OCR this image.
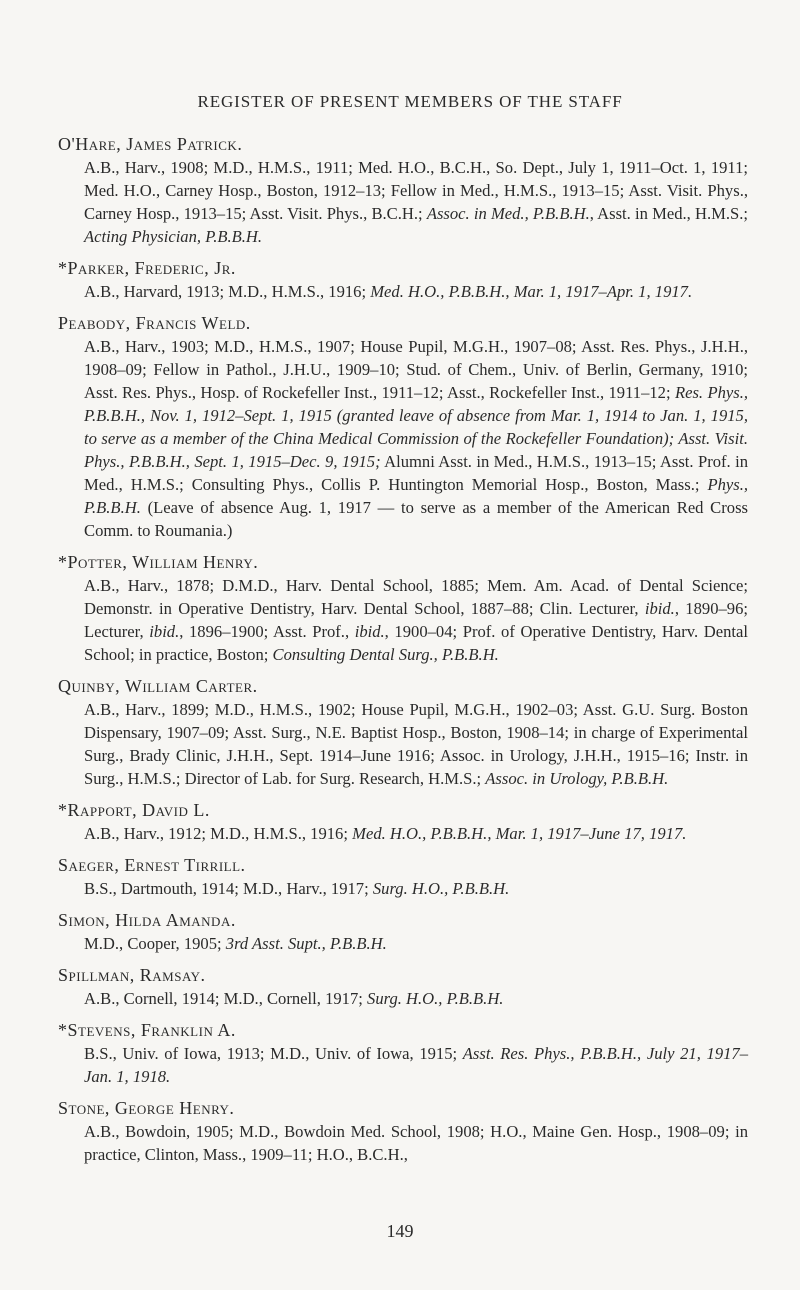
REGISTER OF PRESENT MEMBERS OF THE STAFF
O'Hare, James Patrick.
A.B., Harv., 1908; M.D., H.M.S., 1911; Med. H.O., B.C.H., So. Dept., July 1, 1911–Oct. 1, 1911; Med. H.O., Carney Hosp., Boston, 1912–13; Fellow in Med., H.M.S., 1913–15; Asst. Visit. Phys., Carney Hosp., 1913–15; Asst. Visit. Phys., B.C.H.; Assoc. in Med., P.B.B.H., Asst. in Med., H.M.S.; Acting Physician, P.B.B.H.
*Parker, Frederic, Jr.
A.B., Harvard, 1913; M.D., H.M.S., 1916; Med. H.O., P.B.B.H., Mar. 1, 1917–Apr. 1, 1917.
Peabody, Francis Weld.
A.B., Harv., 1903; M.D., H.M.S., 1907; House Pupil, M.G.H., 1907–08; Asst. Res. Phys., J.H.H., 1908–09; Fellow in Pathol., J.H.U., 1909–10; Stud. of Chem., Univ. of Berlin, Germany, 1910; Asst. Res. Phys., Hosp. of Rockefeller Inst., 1911–12; Asst., Rockefeller Inst., 1911–12; Res. Phys., P.B.B.H., Nov. 1, 1912–Sept. 1, 1915 (granted leave of absence from Mar. 1, 1914 to Jan. 1, 1915, to serve as a member of the China Medical Commission of the Rockefeller Foundation); Asst. Visit. Phys., P.B.B.H., Sept. 1, 1915–Dec. 9, 1915; Alumni Asst. in Med., H.M.S., 1913–15; Asst. Prof. in Med., H.M.S.; Consulting Phys., Collis P. Huntington Memorial Hosp., Boston, Mass.; Phys., P.B.B.H. (Leave of absence Aug. 1, 1917 — to serve as a member of the American Red Cross Comm. to Roumania.)
*Potter, William Henry.
A.B., Harv., 1878; D.M.D., Harv. Dental School, 1885; Mem. Am. Acad. of Dental Science; Demonstr. in Operative Dentistry, Harv. Dental School, 1887–88; Clin. Lecturer, ibid., 1890–96; Lecturer, ibid., 1896–1900; Asst. Prof., ibid., 1900–04; Prof. of Operative Dentistry, Harv. Dental School; in practice, Boston; Consulting Dental Surg., P.B.B.H.
Quinby, William Carter.
A.B., Harv., 1899; M.D., H.M.S., 1902; House Pupil, M.G.H., 1902–03; Asst. G.U. Surg. Boston Dispensary, 1907–09; Asst. Surg., N.E. Baptist Hosp., Boston, 1908–14; in charge of Experimental Surg., Brady Clinic, J.H.H., Sept. 1914–June 1916; Assoc. in Urology, J.H.H., 1915–16; Instr. in Surg., H.M.S.; Director of Lab. for Surg. Research, H.M.S.; Assoc. in Urology, P.B.B.H.
*Rapport, David L.
A.B., Harv., 1912; M.D., H.M.S., 1916; Med. H.O., P.B.B.H., Mar. 1, 1917–June 17, 1917.
Saeger, Ernest Tirrill.
B.S., Dartmouth, 1914; M.D., Harv., 1917; Surg. H.O., P.B.B.H.
Simon, Hilda Amanda.
M.D., Cooper, 1905; 3rd Asst. Supt., P.B.B.H.
Spillman, Ramsay.
A.B., Cornell, 1914; M.D., Cornell, 1917; Surg. H.O., P.B.B.H.
*Stevens, Franklin A.
B.S., Univ. of Iowa, 1913; M.D., Univ. of Iowa, 1915; Asst. Res. Phys., P.B.B.H., July 21, 1917–Jan. 1, 1918.
Stone, George Henry.
A.B., Bowdoin, 1905; M.D., Bowdoin Med. School, 1908; H.O., Maine Gen. Hosp., 1908–09; in practice, Clinton, Mass., 1909–11; H.O., B.C.H.,
149
